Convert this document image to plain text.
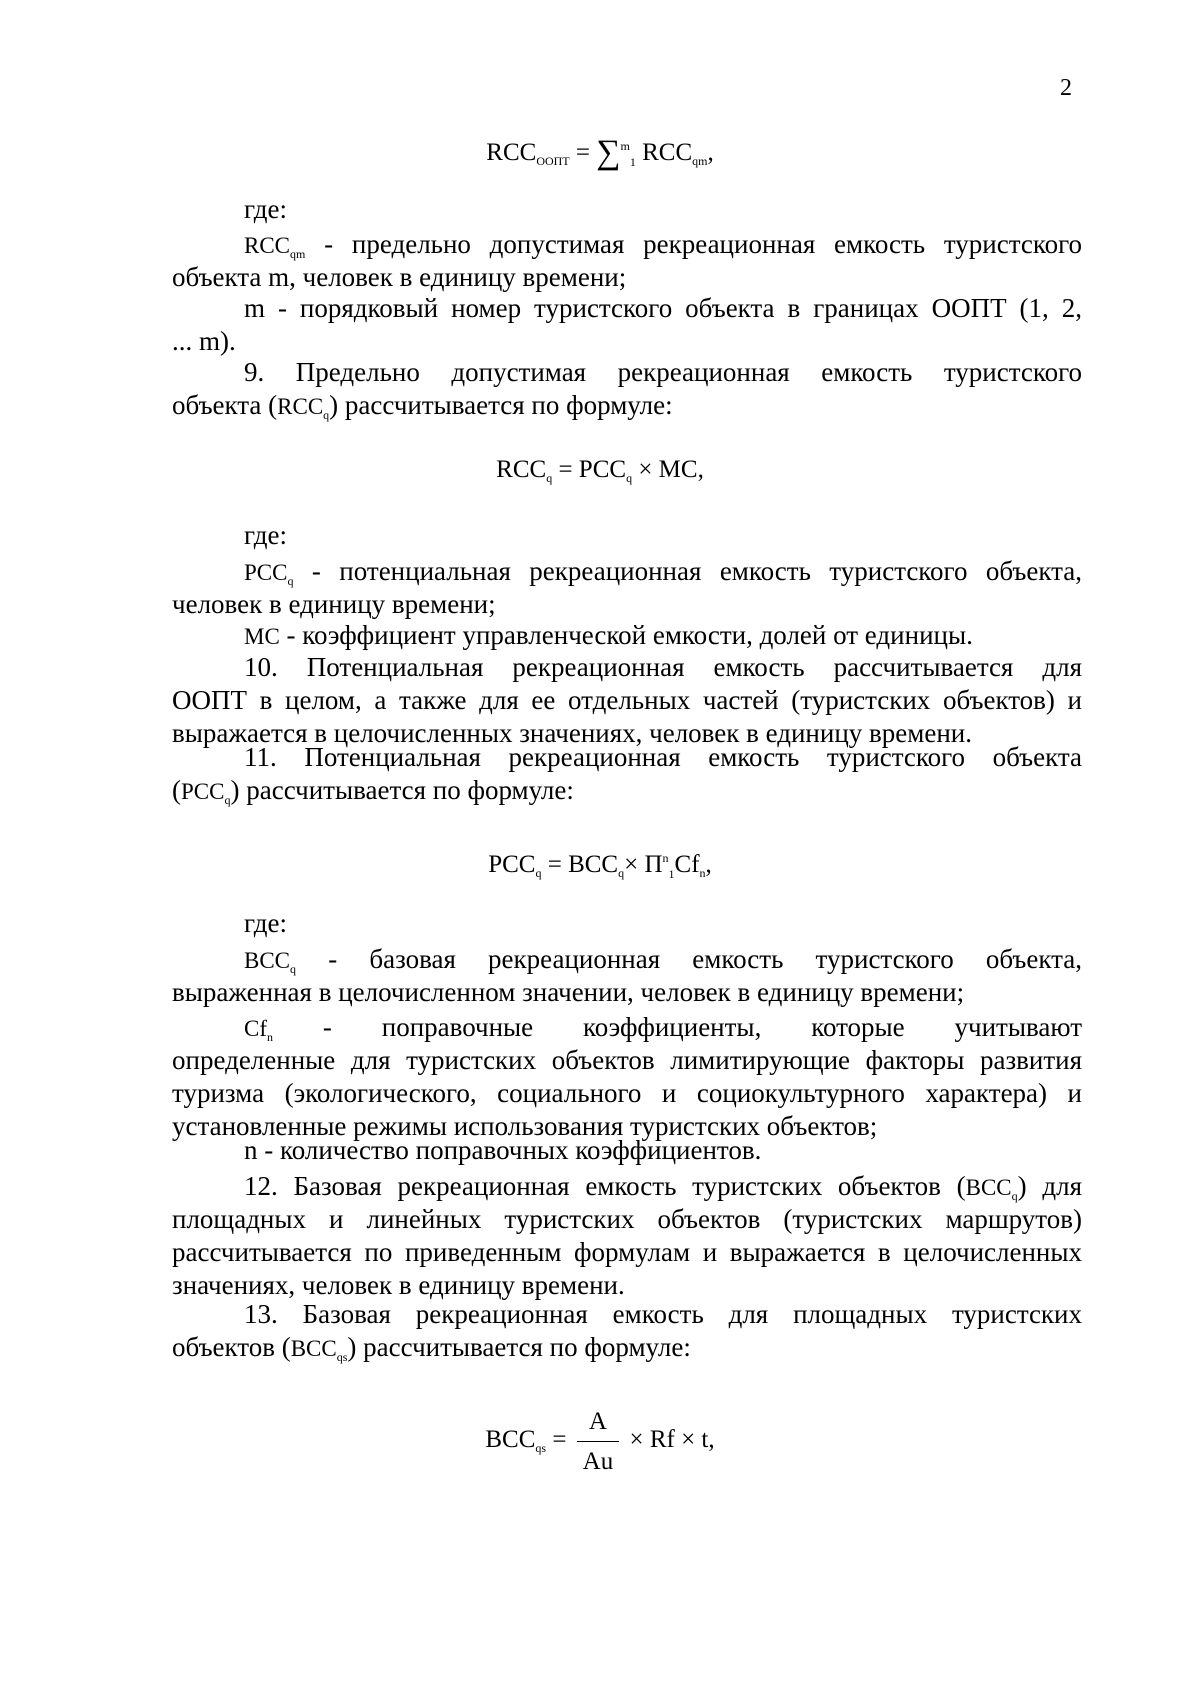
2
$RCC_{ООПТ} = \sum^m_1$ $RCC_{qm}$,
где:
$RCC_{qm}$ - предельно допустимая рекреационная емкость туристского
объекта m, человек в единицу времени;
m - порядковый номер туристского объекта в границах ООПТ (1, 2,
... m).
9. Предельно допустимая рекреационная емкость туристского
объекта $(RCC_q)$ рассчитывается по формуле:
$RCC_q = PCC_q$ × MC,
где:
$PCC_q$ - потенциальная рекреационная емкость туристского объекта,
человек в единицу времени;
MC - коэффициент управленческой емкости, долей от единицы.
10. Потенциальная рекреационная емкость рассчитывается для
ООПТ в целом, а также для ее отдельных частей (туристских объектов) и
выражается в целочисленных значениях, человек в единицу времени.
11. Потенциальная рекреационная емкость туристского объекта
$(PCC_q)$ рассчитывается по формуле:
$PCC_q = BCC_q\times П^n_1Cf_n$,
где:
$BCC_q$ - базовая рекреационная емкость туристского объекта,
выраженная в целочисленном значении, человек в единицу времени;
$Cf_n$ - поправочные коэффициенты, которые учитывают
определенные для туристских объектов лимитирующие факторы развития
туризма (экологического, социального и социокультурного характера) и
установленные режимы использования туристских объектов;
n - количество поправочных коэффициентов.
12. Базовая рекреационная емкость туристских объектов $(BCC_q)$ для
площадных и линейных туристских объектов (туристских маршрутов)
рассчитывается по приведенным формулам и выражается в целочисленных
значениях, человек в единицу времени.
13. Базовая рекреационная емкость для площадных туристских
объектов $(BCC_{qs})$ рассчитывается по формуле:
$BCC_{qs} = \frac{A}{Au} \times Rf \times t$,
